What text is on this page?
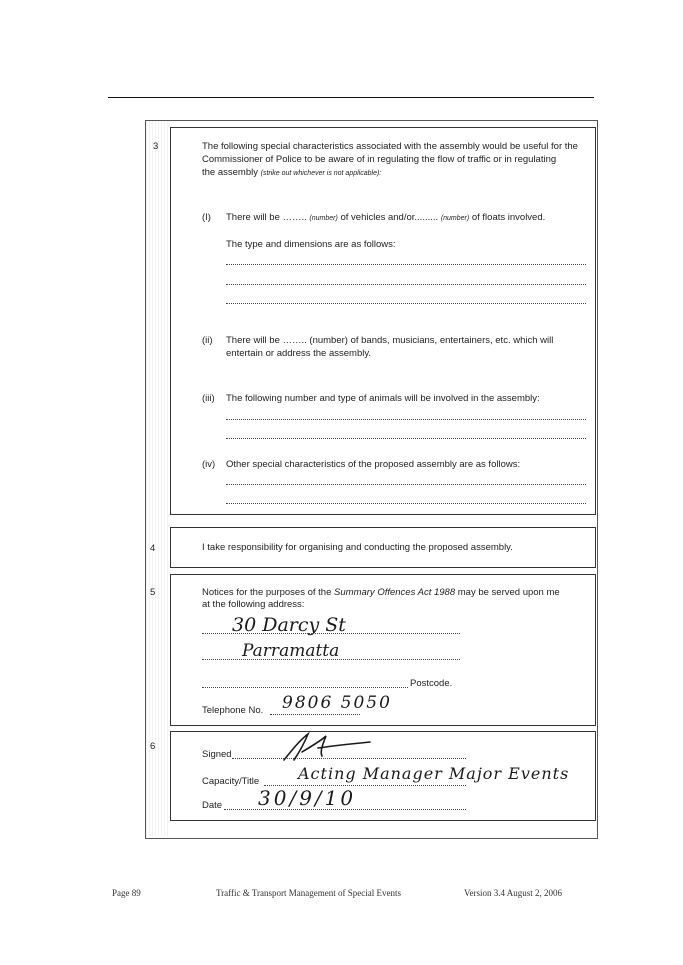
3	The following special characteristics associated with the assembly would be useful for the
Commissioner of Police to be aware of in regulating the flow of traffic or in regulating
the assembly (strike out whichever is not applicable):
(I) There will be …….. (number) of vehicles and/or......... (number) of floats involved.
The type and dimensions are as follows:
(ii) There will be …….. (number) of bands, musicians, entertainers, etc. which will
entertain or address the assembly.
(iii) The following number and type of animals will be involved in the assembly:
(iv) Other special characteristics of the proposed assembly are as follows:
4	I take responsibility for organising and conducting the proposed assembly.
5	Notices for the purposes of the Summary Offences Act 1988 may be served upon me
at the following address:
30 Darcy St
Parramatta
Postcode.
Telephone No. 9806 5050
6
Signed
Capacity/Title Acting Manager Major Events
Date 30/9/10
Page 89	Traffic & Transport Management of Special Events	Version 3.4 August 2, 2006
